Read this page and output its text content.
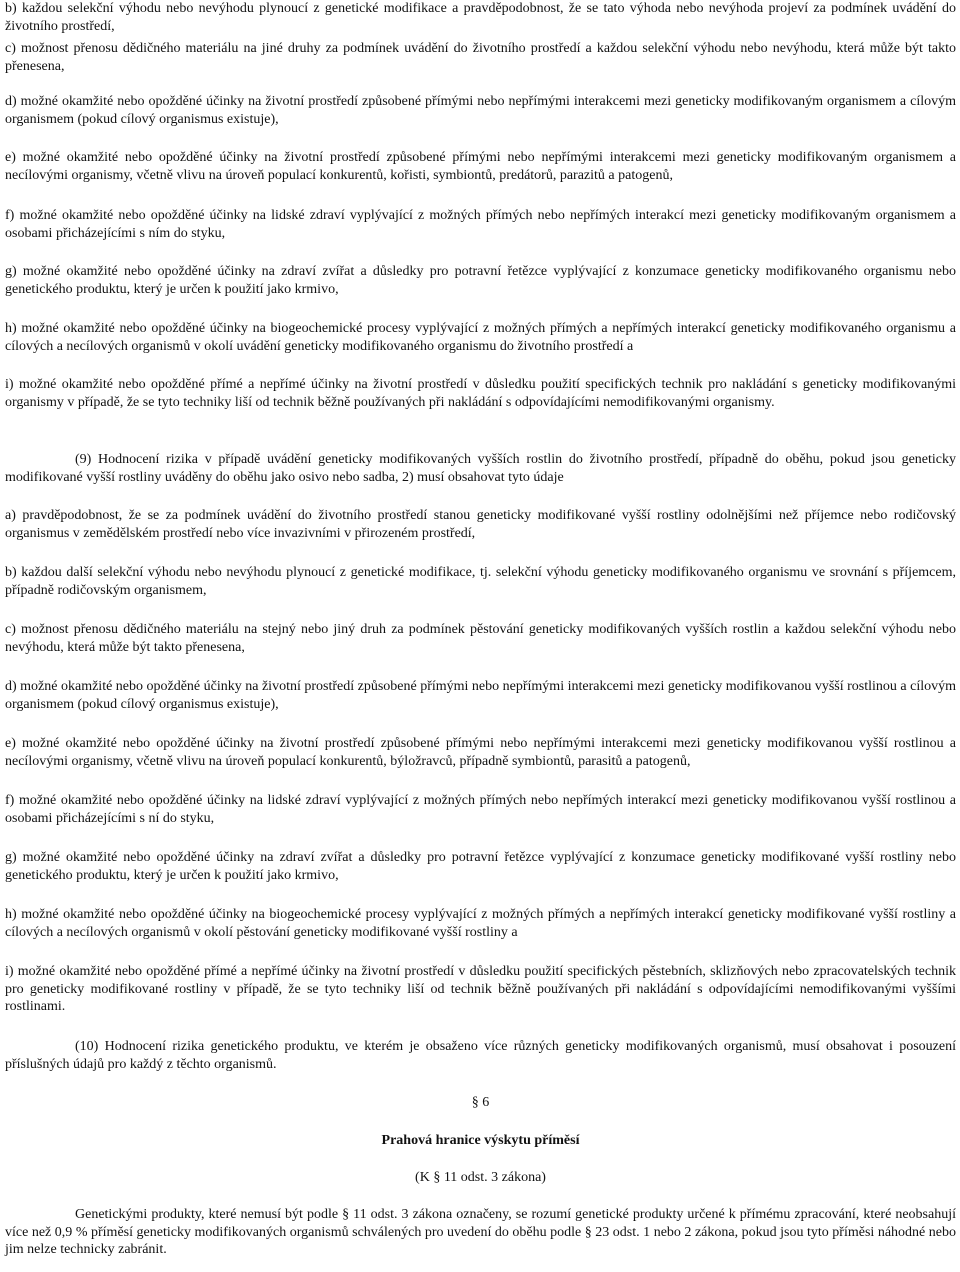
b) každou selekční výhodu nebo nevýhodu plynoucí z genetické modifikace a pravděpodobnost, že se tato výhoda nebo nevýhoda projeví za podmínek uvádění do životního prostředí,

c) možnost přenosu dědičného materiálu na jiné druhy za podmínek uvádění do životního prostředí a každou selekční výhodu nebo nevýhodu, která může být takto přenesena,

d) možné okamžité nebo opožděné účinky na životní prostředí způsobené přímými nebo nepřímými interakcemi mezi geneticky modifikovaným organismem a cílovým organismem (pokud cílový organismus existuje),

e) možné okamžité nebo opožděné účinky na životní prostředí způsobené přímými nebo nepřímými interakcemi mezi geneticky modifikovaným organismem a necílovými organismy, včetně vlivu na úroveň populací konkurentů, kořisti, symbiontů, predátorů, parazitů a patogenů,

f) možné okamžité nebo opožděné účinky na lidské zdraví vyplývající z možných přímých nebo nepřímých interakcí mezi geneticky modifikovaným organismem a osobami přicházejícími s ním do styku,

g) možné okamžité nebo opožděné účinky na zdraví zvířat a důsledky pro potravní řetězce vyplývající z konzumace geneticky modifikovaného organismu nebo genetického produktu, který je určen k použití jako krmivo,

h) možné okamžité nebo opožděné účinky na biogeochemické procesy vyplývající z možných přímých a nepřímých interakcí geneticky modifikovaného organismu a cílových a necílových organismů v okolí uvádění geneticky modifikovaného organismu do životního prostředí a

i) možné okamžité nebo opožděné přímé a nepřímé účinky na životní prostředí v důsledku použití specifických technik pro nakládání s geneticky modifikovanými organismy v případě, že se tyto techniky liší od technik běžně používaných při nakládání s odpovídajícími nemodifikovanými organismy.

(9) Hodnocení rizika v případě uvádění geneticky modifikovaných vyšších rostlin do životního prostředí, případně do oběhu, pokud jsou geneticky modifikované vyšší rostliny uváděny do oběhu jako osivo nebo sadba, 2) musí obsahovat tyto údaje

a) pravděpodobnost, že se za podmínek uvádění do životního prostředí stanou geneticky modifikované vyšší rostliny odolnějšími než příjemce nebo rodičovský organismus v zemědělském prostředí nebo více invazivními v přirozeném prostředí,

b) každou další selekční výhodu nebo nevýhodu plynoucí z genetické modifikace, tj. selekční výhodu geneticky modifikovaného organismu ve srovnání s příjemcem, případně rodičovským organismem,

c) možnost přenosu dědičného materiálu na stejný nebo jiný druh za podmínek pěstování geneticky modifikovaných vyšších rostlin a každou selekční výhodu nebo nevýhodu, která může být takto přenesena,

d) možné okamžité nebo opožděné účinky na životní prostředí způsobené přímými nebo nepřímými interakcemi mezi geneticky modifikovanou vyšší rostlinou a cílovým organismem (pokud cílový organismus existuje),

e) možné okamžité nebo opožděné účinky na životní prostředí způsobené přímými nebo nepřímými interakcemi mezi geneticky modifikovanou vyšší rostlinou a necílovými organismy, včetně vlivu na úroveň populací konkurentů, býložravců, případně symbiontů, parasitů a patogenů,

f) možné okamžité nebo opožděné účinky na lidské zdraví vyplývající z možných přímých nebo nepřímých interakcí mezi geneticky modifikovanou vyšší rostlinou a osobami přicházejícími s ní do styku,

g) možné okamžité nebo opožděné účinky na zdraví zvířat a důsledky pro potravní řetězce vyplývající z konzumace geneticky modifikované vyšší rostliny nebo genetického produktu, který je určen k použití jako krmivo,

h) možné okamžité nebo opožděné účinky na biogeochemické procesy vyplývající z možných přímých a nepřímých interakcí geneticky modifikované vyšší rostliny a cílových a necílových organismů v okolí pěstování geneticky modifikované vyšší rostliny a

i) možné okamžité nebo opožděné přímé a nepřímé účinky na životní prostředí v důsledku použití specifických pěstebních, sklizňových nebo zpracovatelských technik pro geneticky modifikované rostliny v případě, že se tyto techniky liší od technik běžně používaných při nakládání s odpovídajícími nemodifikovanými vyššími rostlinami.

(10) Hodnocení rizika genetického produktu, ve kterém je obsaženo více různých geneticky modifikovaných organismů, musí obsahovat i posouzení příslušných údajů pro každý z těchto organismů.

§ 6

Prahová hranice výskytu příměsí

(K § 11 odst. 3 zákona)

Genetickými produkty, které nemusí být podle § 11 odst. 3 zákona označeny, se rozumí genetické produkty určené k přímému zpracování, které neobsahují více než 0,9 % příměsí geneticky modifikovaných organismů schválených pro uvedení do oběhu podle § 23 odst. 1 nebo 2 zákona, pokud jsou tyto příměsi náhodné nebo jim nelze technicky zabránit.
